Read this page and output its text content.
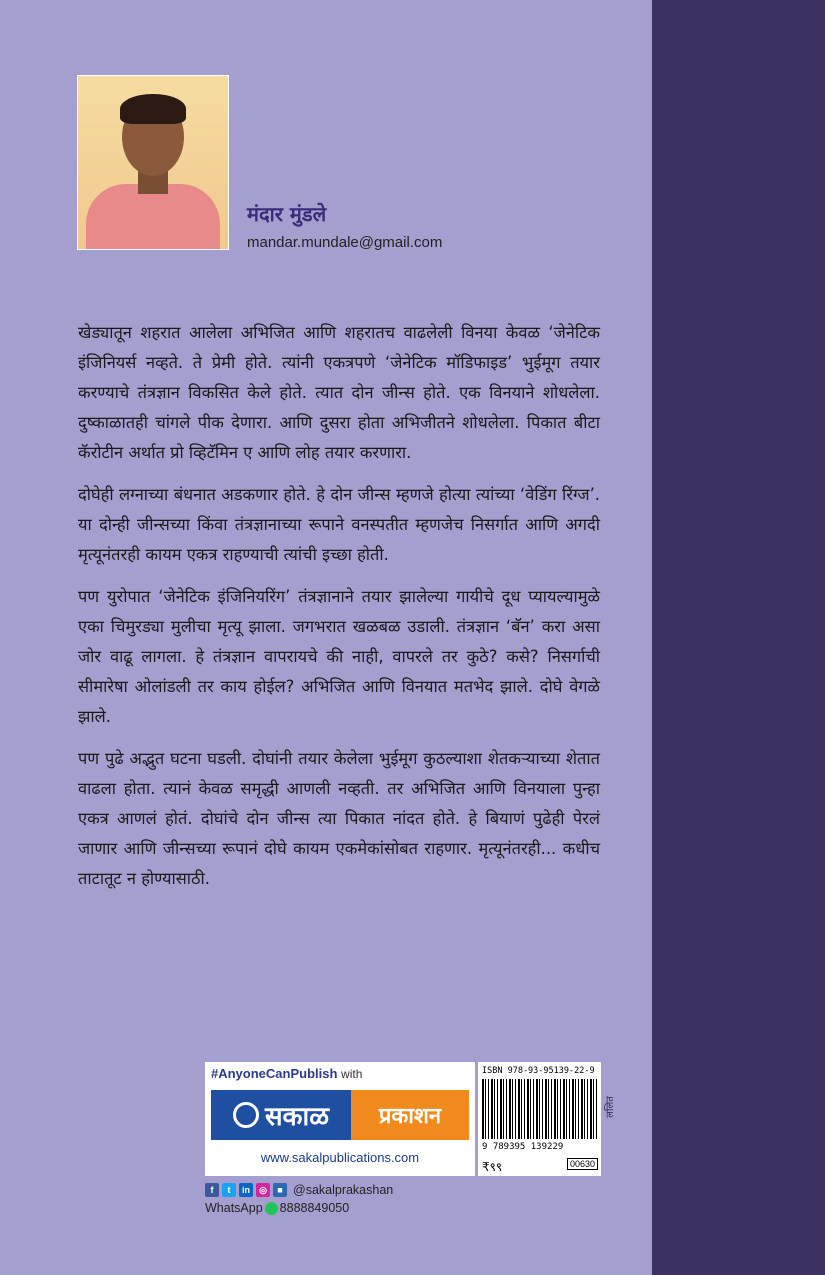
मंदार मुंडले
mandar.mundale@gmail.com

खेड्यातून शहरात आलेला अभिजित आणि शहरातच वाढलेली विनया केवळ ‘जेनेटिक इंजिनियर्स नव्हते. ते प्रेमी होते. त्यांनी एकत्रपणे ‘जेनेटिक मॉडिफाइड’ भुईमूग तयार करण्याचे तंत्रज्ञान विकसित केले होते. त्यात दोन जीन्स होते. एक विनयाने शोधलेला. दुष्काळातही चांगले पीक देणारा. आणि दुसरा होता अभिजीतने शोधलेला. पिकात बीटा कॅरोटीन अर्थात प्रो व्हिटॅमिन ए आणि लोह तयार करणारा.

दोघेही लग्नाच्या बंधनात अडकणार होते. हे दोन जीन्स म्हणजे होत्या त्यांच्या ‘वेडिंग रिंग्ज’. या दोन्ही जीन्सच्या किंवा तंत्रज्ञानाच्या रूपाने वनस्पतीत म्हणजेच निसर्गात आणि अगदी मृत्यूनंतरही कायम एकत्र राहण्याची त्यांची इच्छा होती.

पण युरोपात ‘जेनेटिक इंजिनियरिंग’ तंत्रज्ञानाने तयार झालेल्या गायीचे दूध प्यायल्यामुळे एका चिमुरड्या मुलीचा मृत्यू झाला. जगभरात खळबळ उडाली. तंत्रज्ञान ‘बॅन’ करा असा जोर वाढू लागला. हे तंत्रज्ञान वापरायचे की नाही, वापरले तर कुठे? कसे? निसर्गाची सीमारेषा ओलांडली तर काय होईल? अभिजित आणि विनयात मतभेद झाले. दोघे वेगळे झाले.

पण पुढे अद्भुत घटना घडली. दोघांनी तयार केलेला भुईमूग कुठल्याशा शेतकऱ्याच्या शेतात वाढला होता. त्यानं केवळ समृद्धी आणली नव्हती. तर अभिजित आणि विनयाला पुन्हा एकत्र आणलं होतं. दोघांचे दोन जीन्स त्या पिकात नांदत होते. हे बियाणं पुढेही पेरलं जाणार आणि जीन्सच्या रूपानं दोघे कायम एकमेकांसोबत राहणार. मृत्यूनंतरही... कधीच ताटातूट न होण्यासाठी.

#AnyoneCanPublish with
सकाळ	प्रकाशन
www.sakalpublications.com
ISBN 978-93-95139-22-9
9 789395 139229
₹९९	00630
ललित
f	t	in	◎	■ @sakalprakashan
WhatsApp 8888849050
